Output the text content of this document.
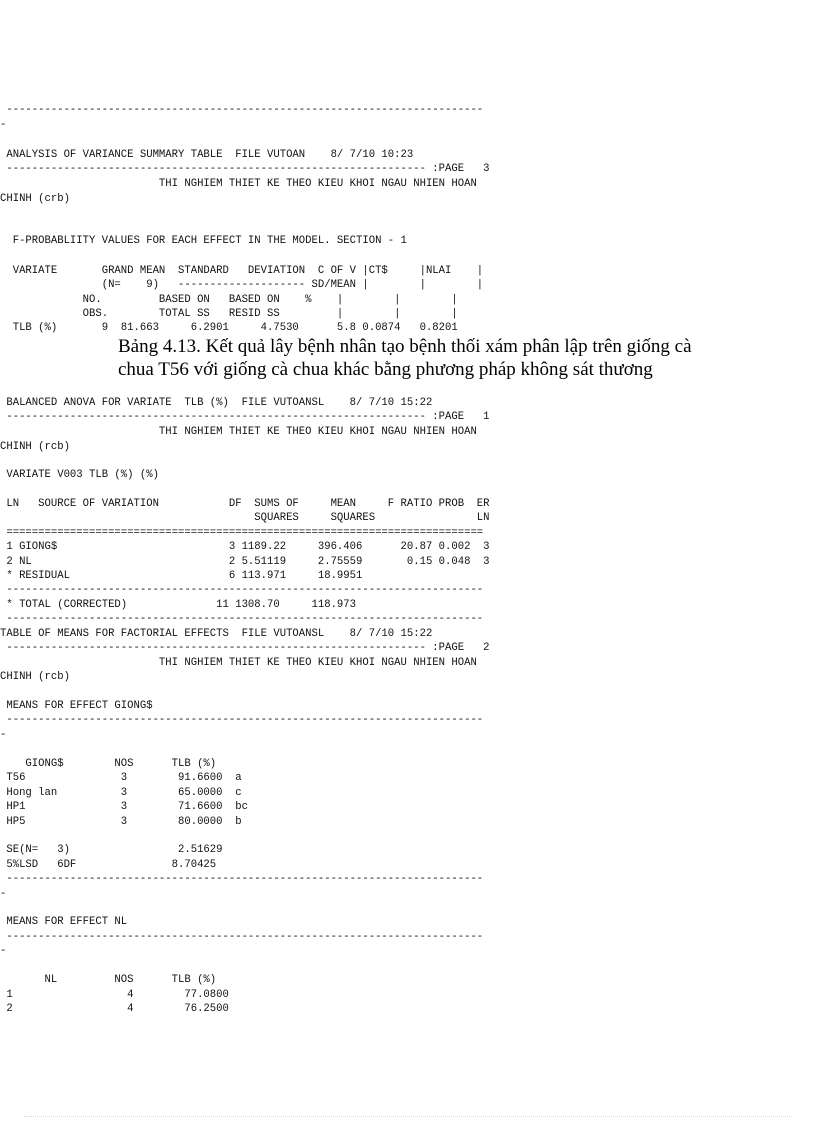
---------------------------------------------------------------------------
-
ANALYSIS OF VARIANCE SUMMARY TABLE  FILE VUTOAN    8/ 7/10 10:23
------------------------------------------------------------------ :PAGE   3
THI NGHIEM THIET KE THEO KIEU KHOI NGAU NHIEN HOAN
CHINH (crb)
F-PROBABLIITY VALUES FOR EACH EFFECT IN THE MODEL. SECTION - 1
VARIATE       GRAND MEAN  STANDARD   DEVIATION  C OF V |CT$     |NLAI    |
(N=    9)   -------------------- SD/MEAN |        |        |
NO.         BASED ON   BASED ON    %    |        |        |
OBS.        TOTAL SS   RESID SS         |        |        |
TLB (%)       9  81.663     6.2901     4.7530      5.8 0.0874   0.8201

Bảng 4.13. Kết quả lây bệnh nhân tạo bệnh thối xám phân lập trên giống cà

chua T56 với giống cà chua khác bằng phương pháp không sát thương

BALANCED ANOVA FOR VARIATE  TLB (%)  FILE VUTOANSL    8/ 7/10 15:22
------------------------------------------------------------------ :PAGE   1
THI NGHIEM THIET KE THEO KIEU KHOI NGAU NHIEN HOAN
CHINH (rcb)
VARIATE V003 TLB (%) (%)
LN   SOURCE OF VARIATION           DF  SUMS OF     MEAN     F RATIO PROB  ER
SQUARES     SQUARES                LN
===========================================================================
1 GIONG$                           3 1189.22     396.406      20.87 0.002  3
2 NL                               2 5.51119     2.75559       0.15 0.048  3
* RESIDUAL                         6 113.971     18.9951
---------------------------------------------------------------------------
* TOTAL (CORRECTED)              11 1308.70     118.973
---------------------------------------------------------------------------
TABLE OF MEANS FOR FACTORIAL EFFECTS  FILE VUTOANSL    8/ 7/10 15:22
------------------------------------------------------------------ :PAGE   2
THI NGHIEM THIET KE THEO KIEU KHOI NGAU NHIEN HOAN
CHINH (rcb)
MEANS FOR EFFECT GIONG$
---------------------------------------------------------------------------
-
GIONG$        NOS      TLB (%)
T56               3        91.6600  a
Hong lan          3        65.0000  c
HP1               3        71.6600  bc
HP5               3        80.0000  b
SE(N=   3)                 2.51629
5%LSD   6DF               8.70425
---------------------------------------------------------------------------
-
MEANS FOR EFFECT NL
---------------------------------------------------------------------------
-
NL         NOS      TLB (%)
1                  4        77.0800
2                  4        76.2500
